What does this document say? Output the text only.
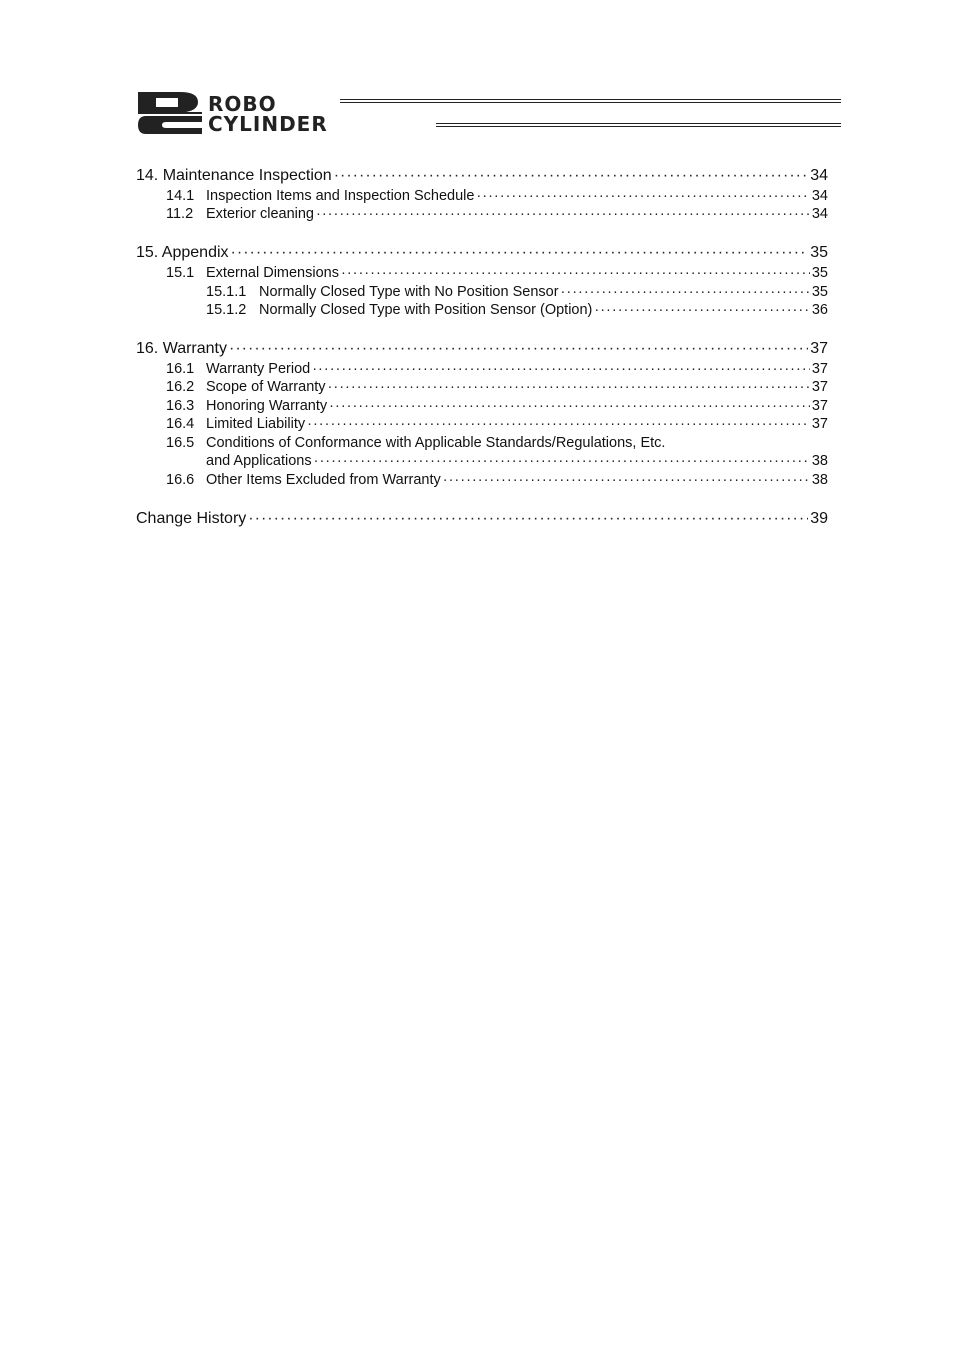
ROBO
CYLINDER
14. Maintenance Inspection ·····	34
14.1 Inspection Items and Inspection Schedule ·····	34
11.2 Exterior cleaning ·····	34
15. Appendix ·····	35
15.1 External Dimensions ·····	35
15.1.1 Normally Closed Type with No Position Sensor ·····	35
15.1.2 Normally Closed Type with Position Sensor (Option) ·····	36
16. Warranty ·····	37
16.1 Warranty Period ·····	37
16.2 Scope of Warranty ·····	37
16.3 Honoring Warranty ·····	37
16.4 Limited Liability ·····	37
16.5 Conditions of Conformance with Applicable Standards/Regulations, Etc.
and Applications ·····	38
16.6 Other Items Excluded from Warranty ·····	38
Change History ·····	39
